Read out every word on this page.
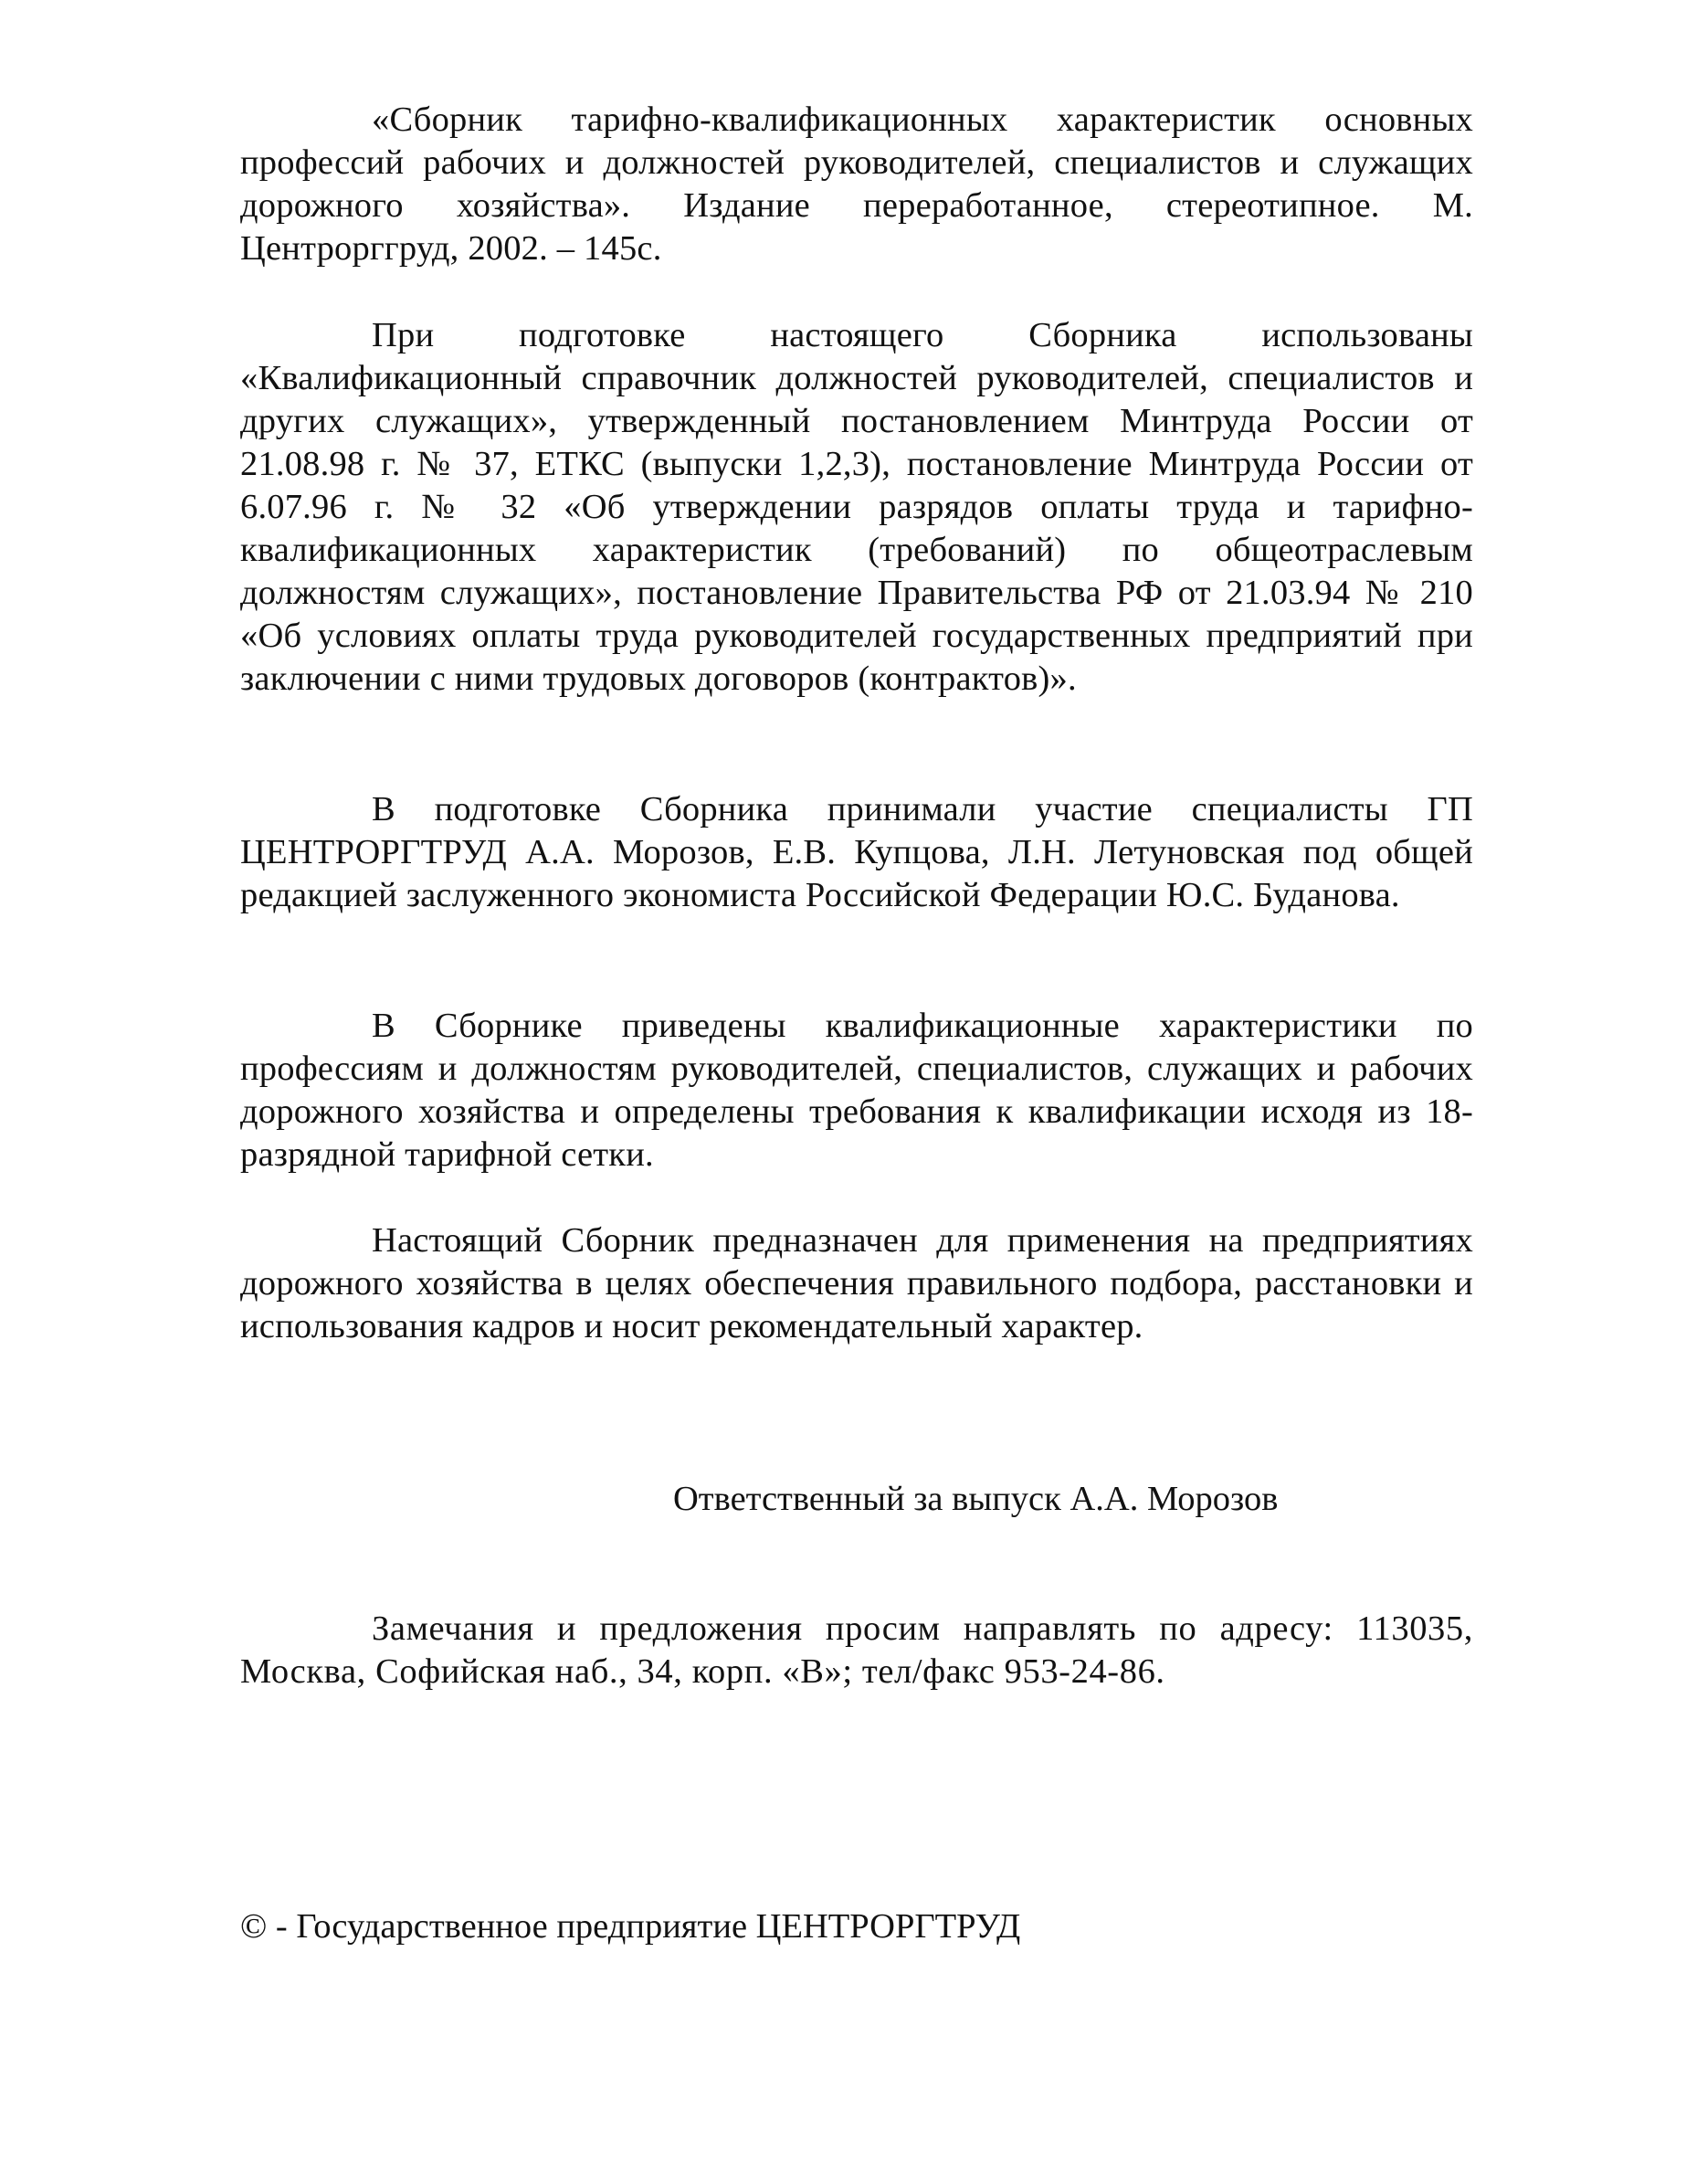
«Сборник тарифно-квалификационных характеристик основных профессий рабочих и должностей руководителей, специалистов и служащих дорожного хозяйства». Издание переработанное, стереотипное. М. Центрорггруд, 2002. – 145с.

При подготовке настоящего Сборника использованы «Квалификационный справочник должностей руководителей, специалистов и других служащих», утвержденный постановлением Минтруда России от 21.08.98 г. № 37, ЕТКС (выпуски 1,2,3), постановление Минтруда России от 6.07.96 г. № 32 «Об утверждении разрядов оплаты труда и тарифно-квалификационных характеристик (требований) по общеотраслевым должностям служащих», постановление Правительства РФ от 21.03.94 № 210 «Об условиях оплаты труда руководителей государственных предприятий при заключении с ними трудовых договоров (контрактов)».

В подготовке Сборника принимали участие специалисты ГП ЦЕНТРОРГТРУД А.А. Морозов, Е.В. Купцова, Л.Н. Летуновская под общей редакцией заслуженного экономиста Российской Федерации Ю.С. Буданова.

В Сборнике приведены квалификационные характеристики по профессиям и должностям руководителей, специалистов, служащих и рабочих дорожного хозяйства и определены требования к квалификации исходя из 18-разрядной тарифной сетки.

Настоящий Сборник предназначен для применения на предприятиях дорожного хозяйства в целях обеспечения правильного подбора, расстановки и использования кадров и носит рекомендательный характер.

Ответственный за выпуск А.А. Морозов

Замечания и предложения просим направлять по адресу: 113035, Москва, Софийская наб., 34, корп. «В»; тел/факс 953-24-86.

© - Государственное предприятие ЦЕНТРОРГТРУД
